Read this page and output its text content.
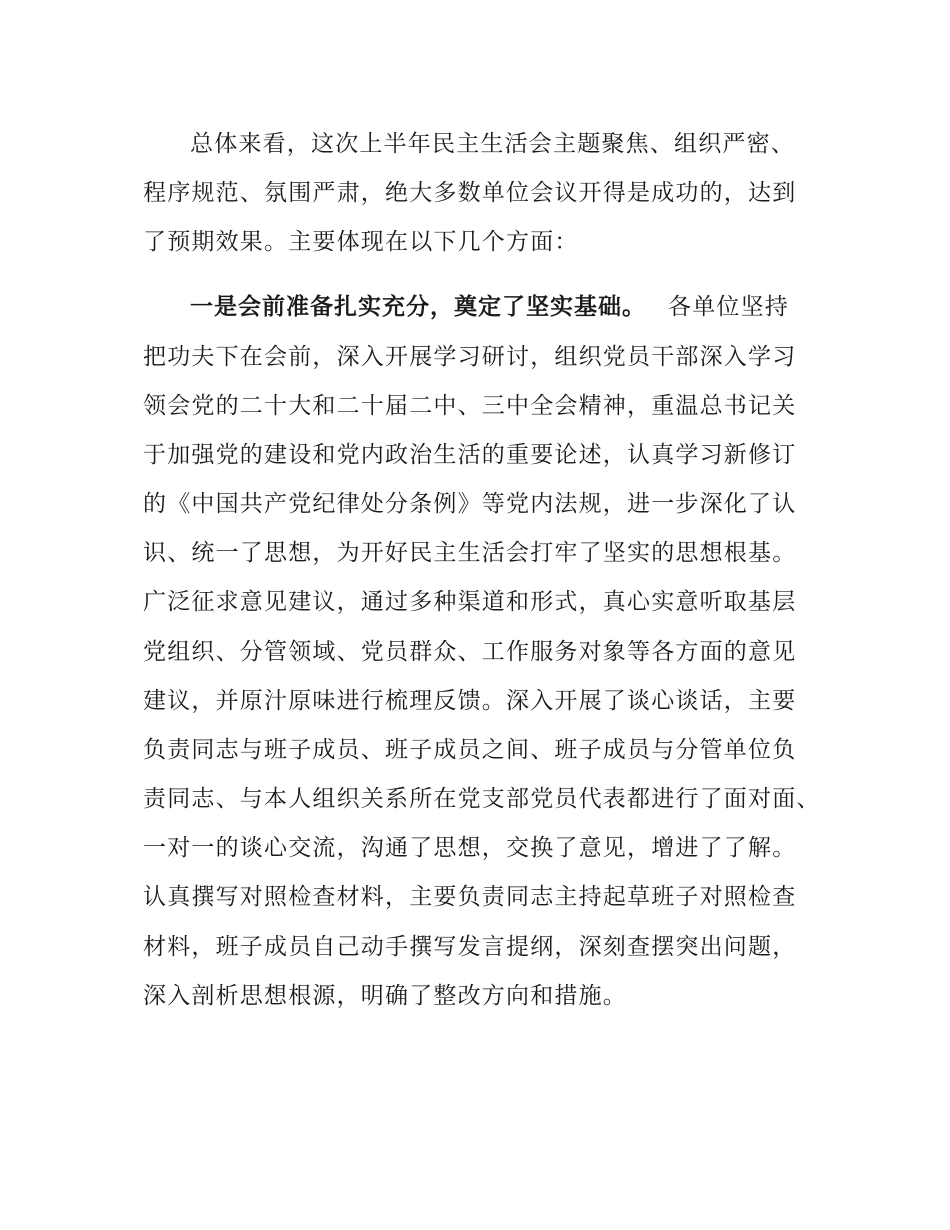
总体来看，这次上半年民主生活会主题聚焦、组织严密、

程序规范、氛围严肃，绝大多数单位会议开得是成功的，达到

了预期效果。主要体现在以下几个方面：

一是会前准备扎实充分，奠定了坚实基础。 各单位坚持

把功夫下在会前，深入开展学习研讨，组织党员干部深入学习

领会党的二十大和二十届二中、三中全会精神，重温总书记关

于加强党的建设和党内政治生活的重要论述，认真学习新修订

的《中国共产党纪律处分条例》等党内法规，进一步深化了认

识、统一了思想，为开好民主生活会打牢了坚实的思想根基。

广泛征求意见建议，通过多种渠道和形式，真心实意听取基层

党组织、分管领域、党员群众、工作服务对象等各方面的意见

建议，并原汁原味进行梳理反馈。深入开展了谈心谈话，主要

负责同志与班子成员、班子成员之间、班子成员与分管单位负

责同志、与本人组织关系所在党支部党员代表都进行了面对面、

一对一的谈心交流，沟通了思想，交换了意见，增进了了解。

认真撰写对照检查材料，主要负责同志主持起草班子对照检查

材料，班子成员自己动手撰写发言提纲，深刻查摆突出问题，

深入剖析思想根源，明确了整改方向和措施。
